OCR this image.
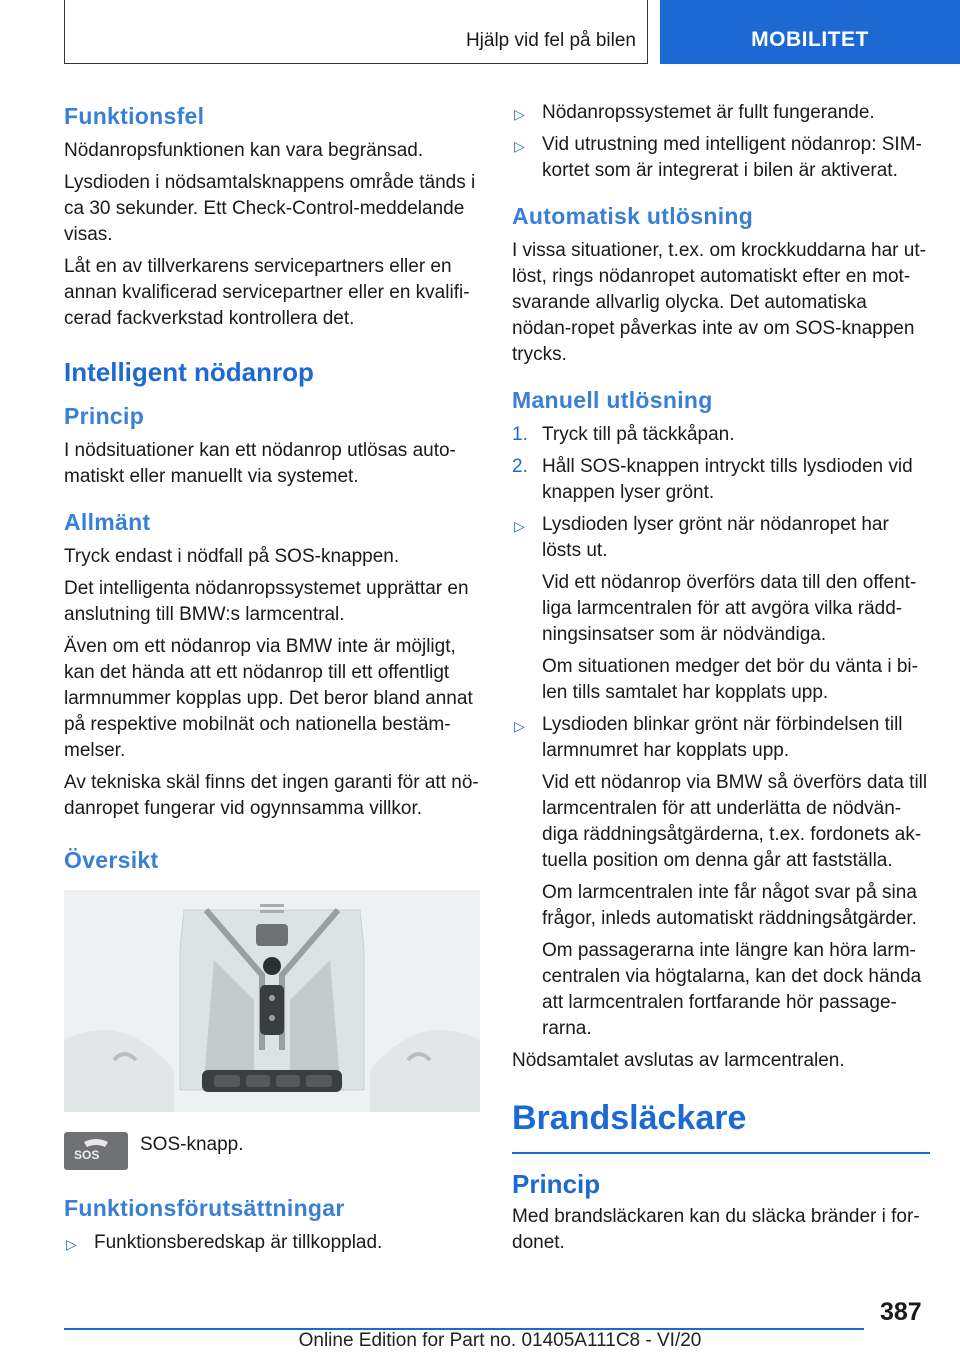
Hjälp vid fel på bilen	MOBILITET
Funktionsfel

Nödanropsfunktionen kan vara begränsad.

Lysdioden i nödsamtalsknappens område tänds i ca 30 sekunder. Ett Check-Control-meddelande visas.

Låt en av tillverkarens servicepartners eller en annan kvalificerad servicepartner eller en kvalifi-cerad fackverkstad kontrollera det.

Intelligent nödanrop
Princip

I nödsituationer kan ett nödanrop utlösas auto-matiskt eller manuellt via systemet.

Allmänt

Tryck endast i nödfall på SOS-knappen.

Det intelligenta nödanropssystemet upprättar en anslutning till BMW:s larmcentral.

Även om ett nödanrop via BMW inte är möjligt, kan det hända att ett nödanrop till ett offentligt larmnummer kopplas upp. Det beror bland annat på respektive mobilnät och nationella bestäm-melser.

Av tekniska skäl finns det ingen garanti för att nö-danropet fungerar vid ogynnsamma villkor.

Översikt
SOS SOS-knapp.

Funktionsförutsättningar
▷ Funktionsberedskap är tillkopplad.
▷ Nödanropssystemet är fullt fungerande.
▷ Vid utrustning med intelligent nödanrop: SIM-kortet som är integrerat i bilen är aktiverat.
Automatisk utlösning

I vissa situationer, t.ex. om krockkuddarna har ut-löst, rings nödanropet automatiskt efter en mot-svarande allvarlig olycka. Det automatiska nödan-ropet påverkas inte av om SOS-knappen trycks.

Manuell utlösning
1. Tryck till på täckkåpan.
2. Håll SOS-knappen intryckt tills lysdioden vid knappen lyser grönt.
▷ Lysdioden lyser grönt när nödanropet har lösts ut.

Vid ett nödanrop överförs data till den offent-liga larmcentralen för att avgöra vilka rädd-ningsinsatser som är nödvändiga.

Om situationen medger det bör du vänta i bi-len tills samtalet har kopplats upp.

▷ Lysdioden blinkar grönt när förbindelsen till larmnumret har kopplats upp.

Vid ett nödanrop via BMW så överförs data till larmcentralen för att underlätta de nödvän-diga räddningsåtgärderna, t.ex. fordonets ak-tuella position om denna går att fastställa.

Om larmcentralen inte får något svar på sina frågor, inleds automatiskt räddningsåtgärder.

Om passagerarna inte längre kan höra larm-centralen via högtalarna, kan det dock hända att larmcentralen fortfarande hör passage-rarna.

Nödsamtalet avslutas av larmcentralen.

Brandsläckare
Princip

Med brandsläckaren kan du släcka bränder i for-donet.

387
Online Edition for Part no. 01405A111C8 - VI/20
